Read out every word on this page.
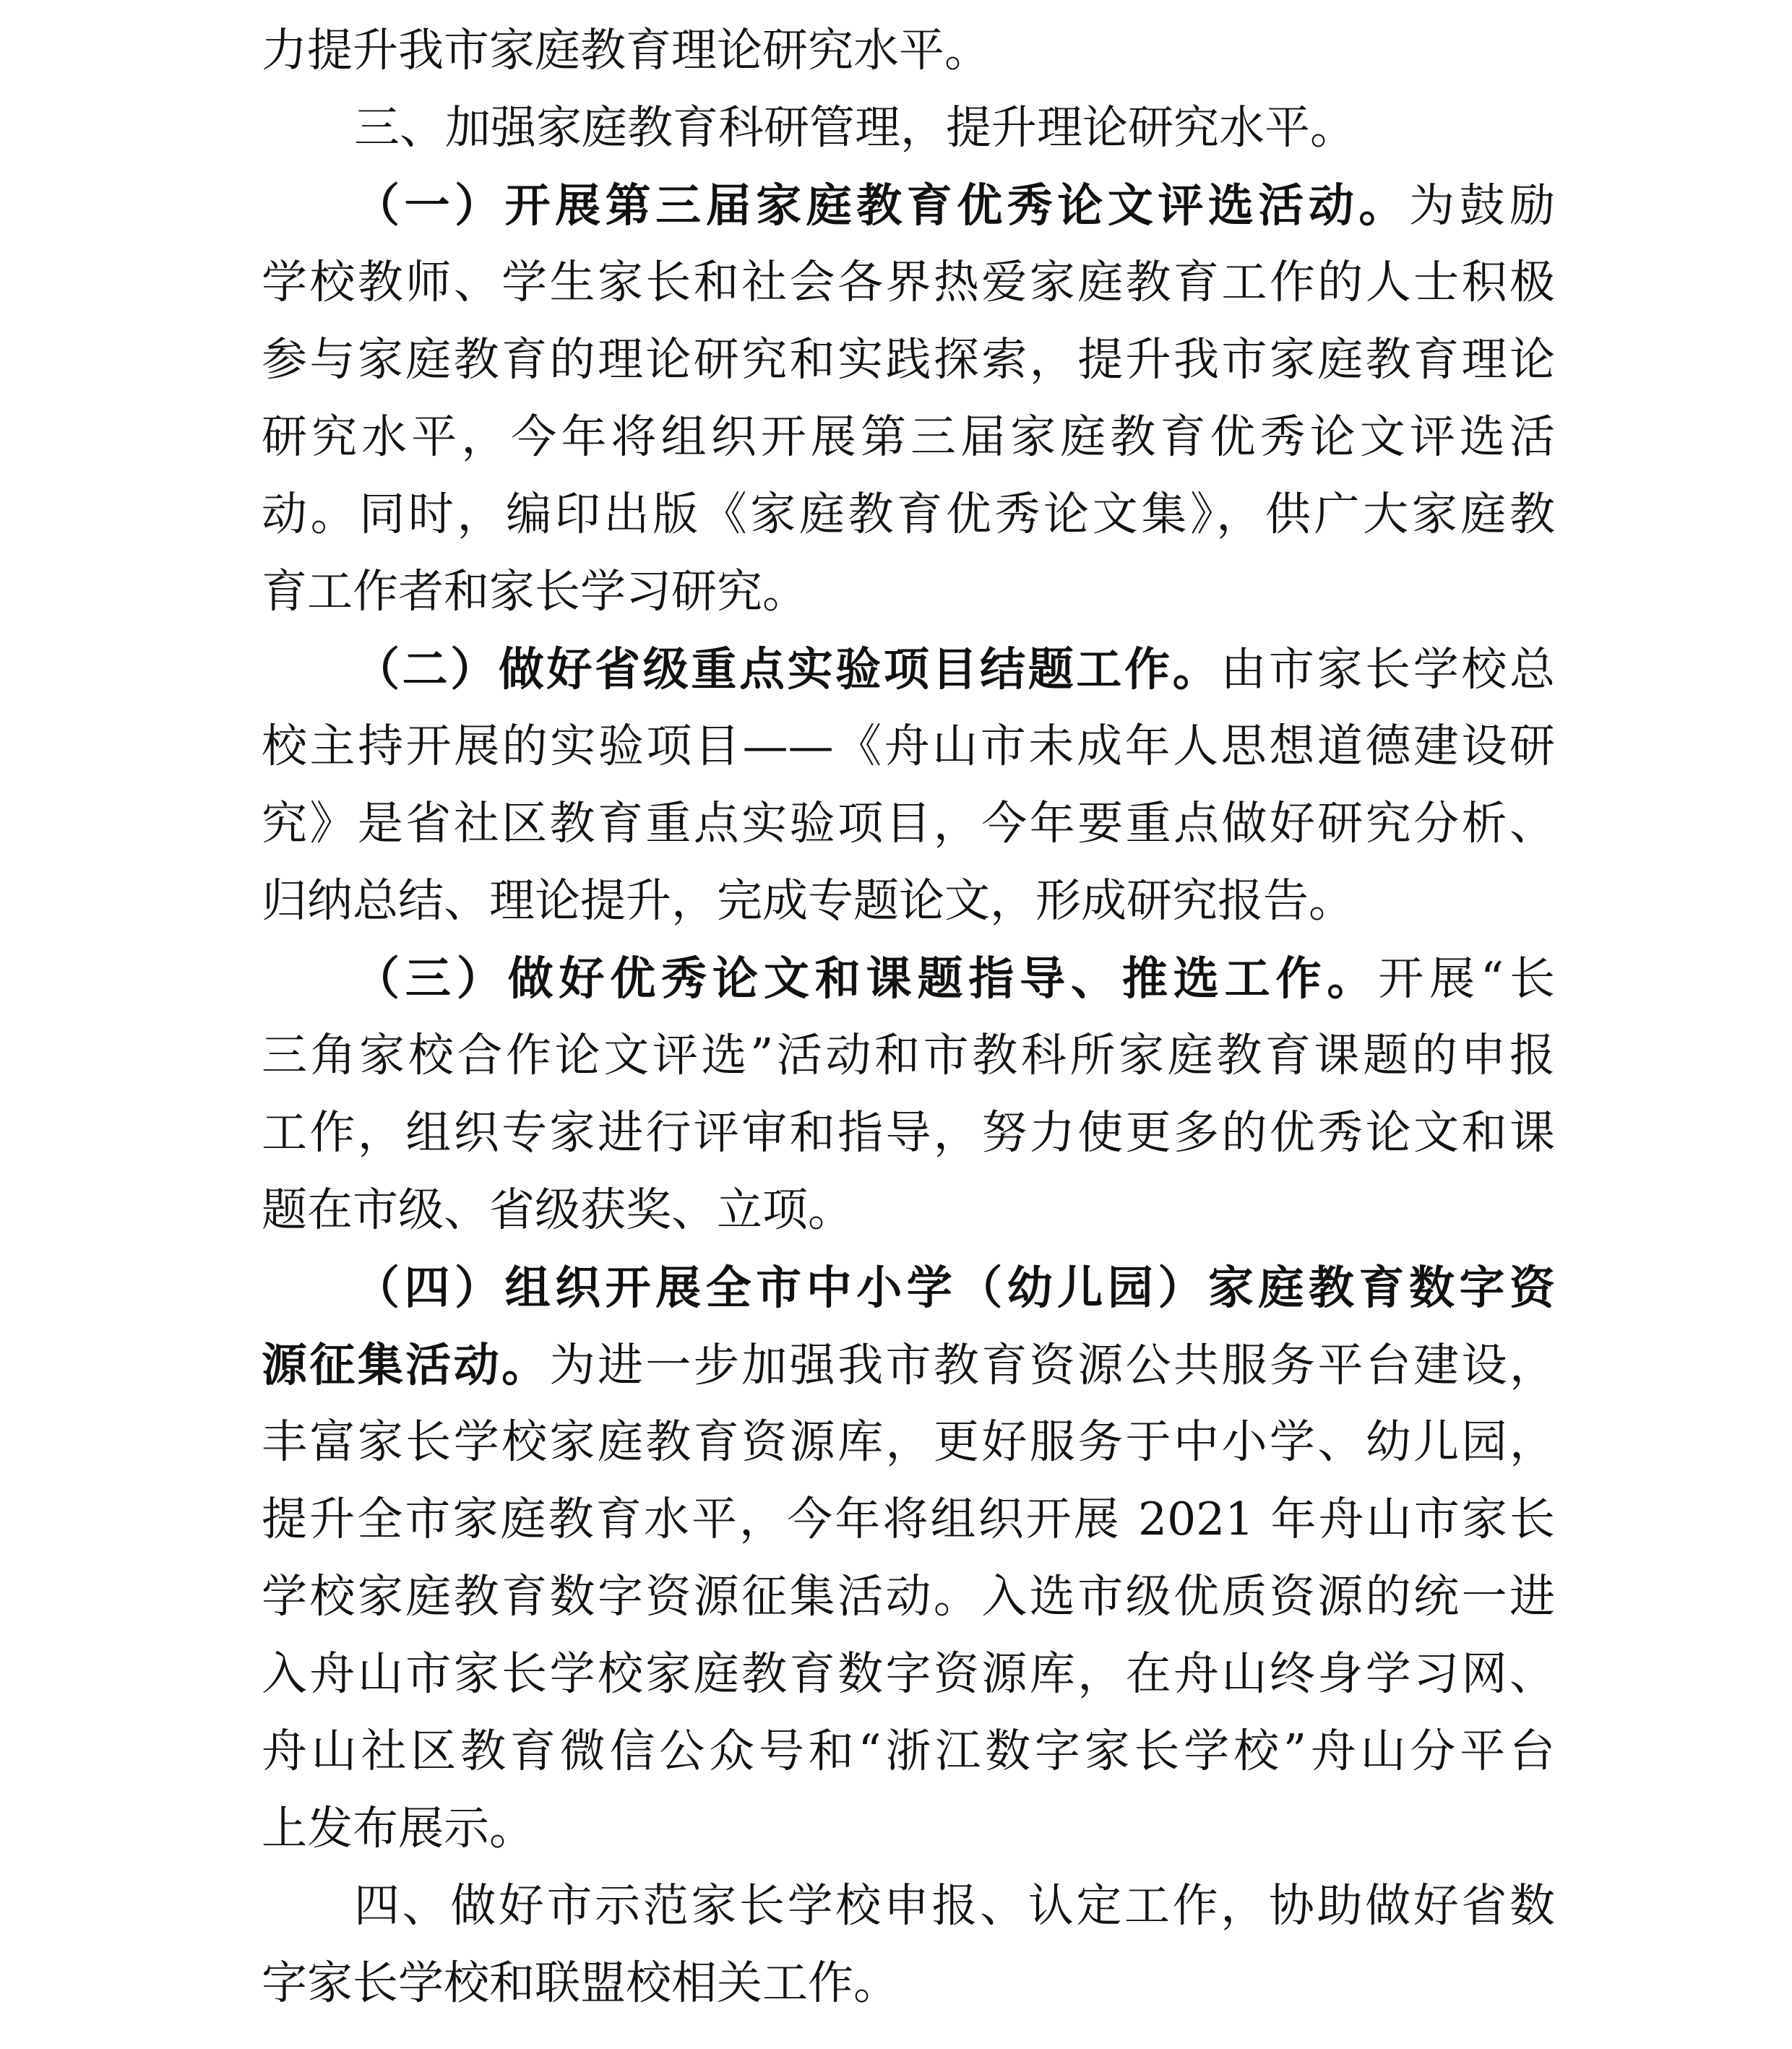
力提升我市家庭教育理论研究水平。
三、加强家庭教育科研管理，提升理论研究水平。
（一）开展第三届家庭教育优秀论文评选活动。为鼓励
学校教师、学生家长和社会各界热爱家庭教育工作的人士积极
参与家庭教育的理论研究和实践探索，提升我市家庭教育理论
研究水平，今年将组织开展第三届家庭教育优秀论文评选活
动。同时，编印出版《家庭教育优秀论文集》，供广大家庭教
育工作者和家长学习研究。
（二）做好省级重点实验项目结题工作。由市家长学校总
校主持开展的实验项目——《舟山市未成年人思想道德建设研
究》是省社区教育重点实验项目，今年要重点做好研究分析、
归纳总结、理论提升，完成专题论文，形成研究报告。
（三）做好优秀论文和课题指导、推选工作。开展“长
三角家校合作论文评选”活动和市教科所家庭教育课题的申报
工作，组织专家进行评审和指导，努力使更多的优秀论文和课
题在市级、省级获奖、立项。
（四）组织开展全市中小学（幼儿园）家庭教育数字资
源征集活动。为进一步加强我市教育资源公共服务平台建设，
丰富家长学校家庭教育资源库，更好服务于中小学、幼儿园，
提升全市家庭教育水平，今年将组织开展 2021 年舟山市家长
学校家庭教育数字资源征集活动。入选市级优质资源的统一进
入舟山市家长学校家庭教育数字资源库，在舟山终身学习网、
舟山社区教育微信公众号和“浙江数字家长学校”舟山分平台
上发布展示。
四、做好市示范家长学校申报、认定工作，协助做好省数
字家长学校和联盟校相关工作。
